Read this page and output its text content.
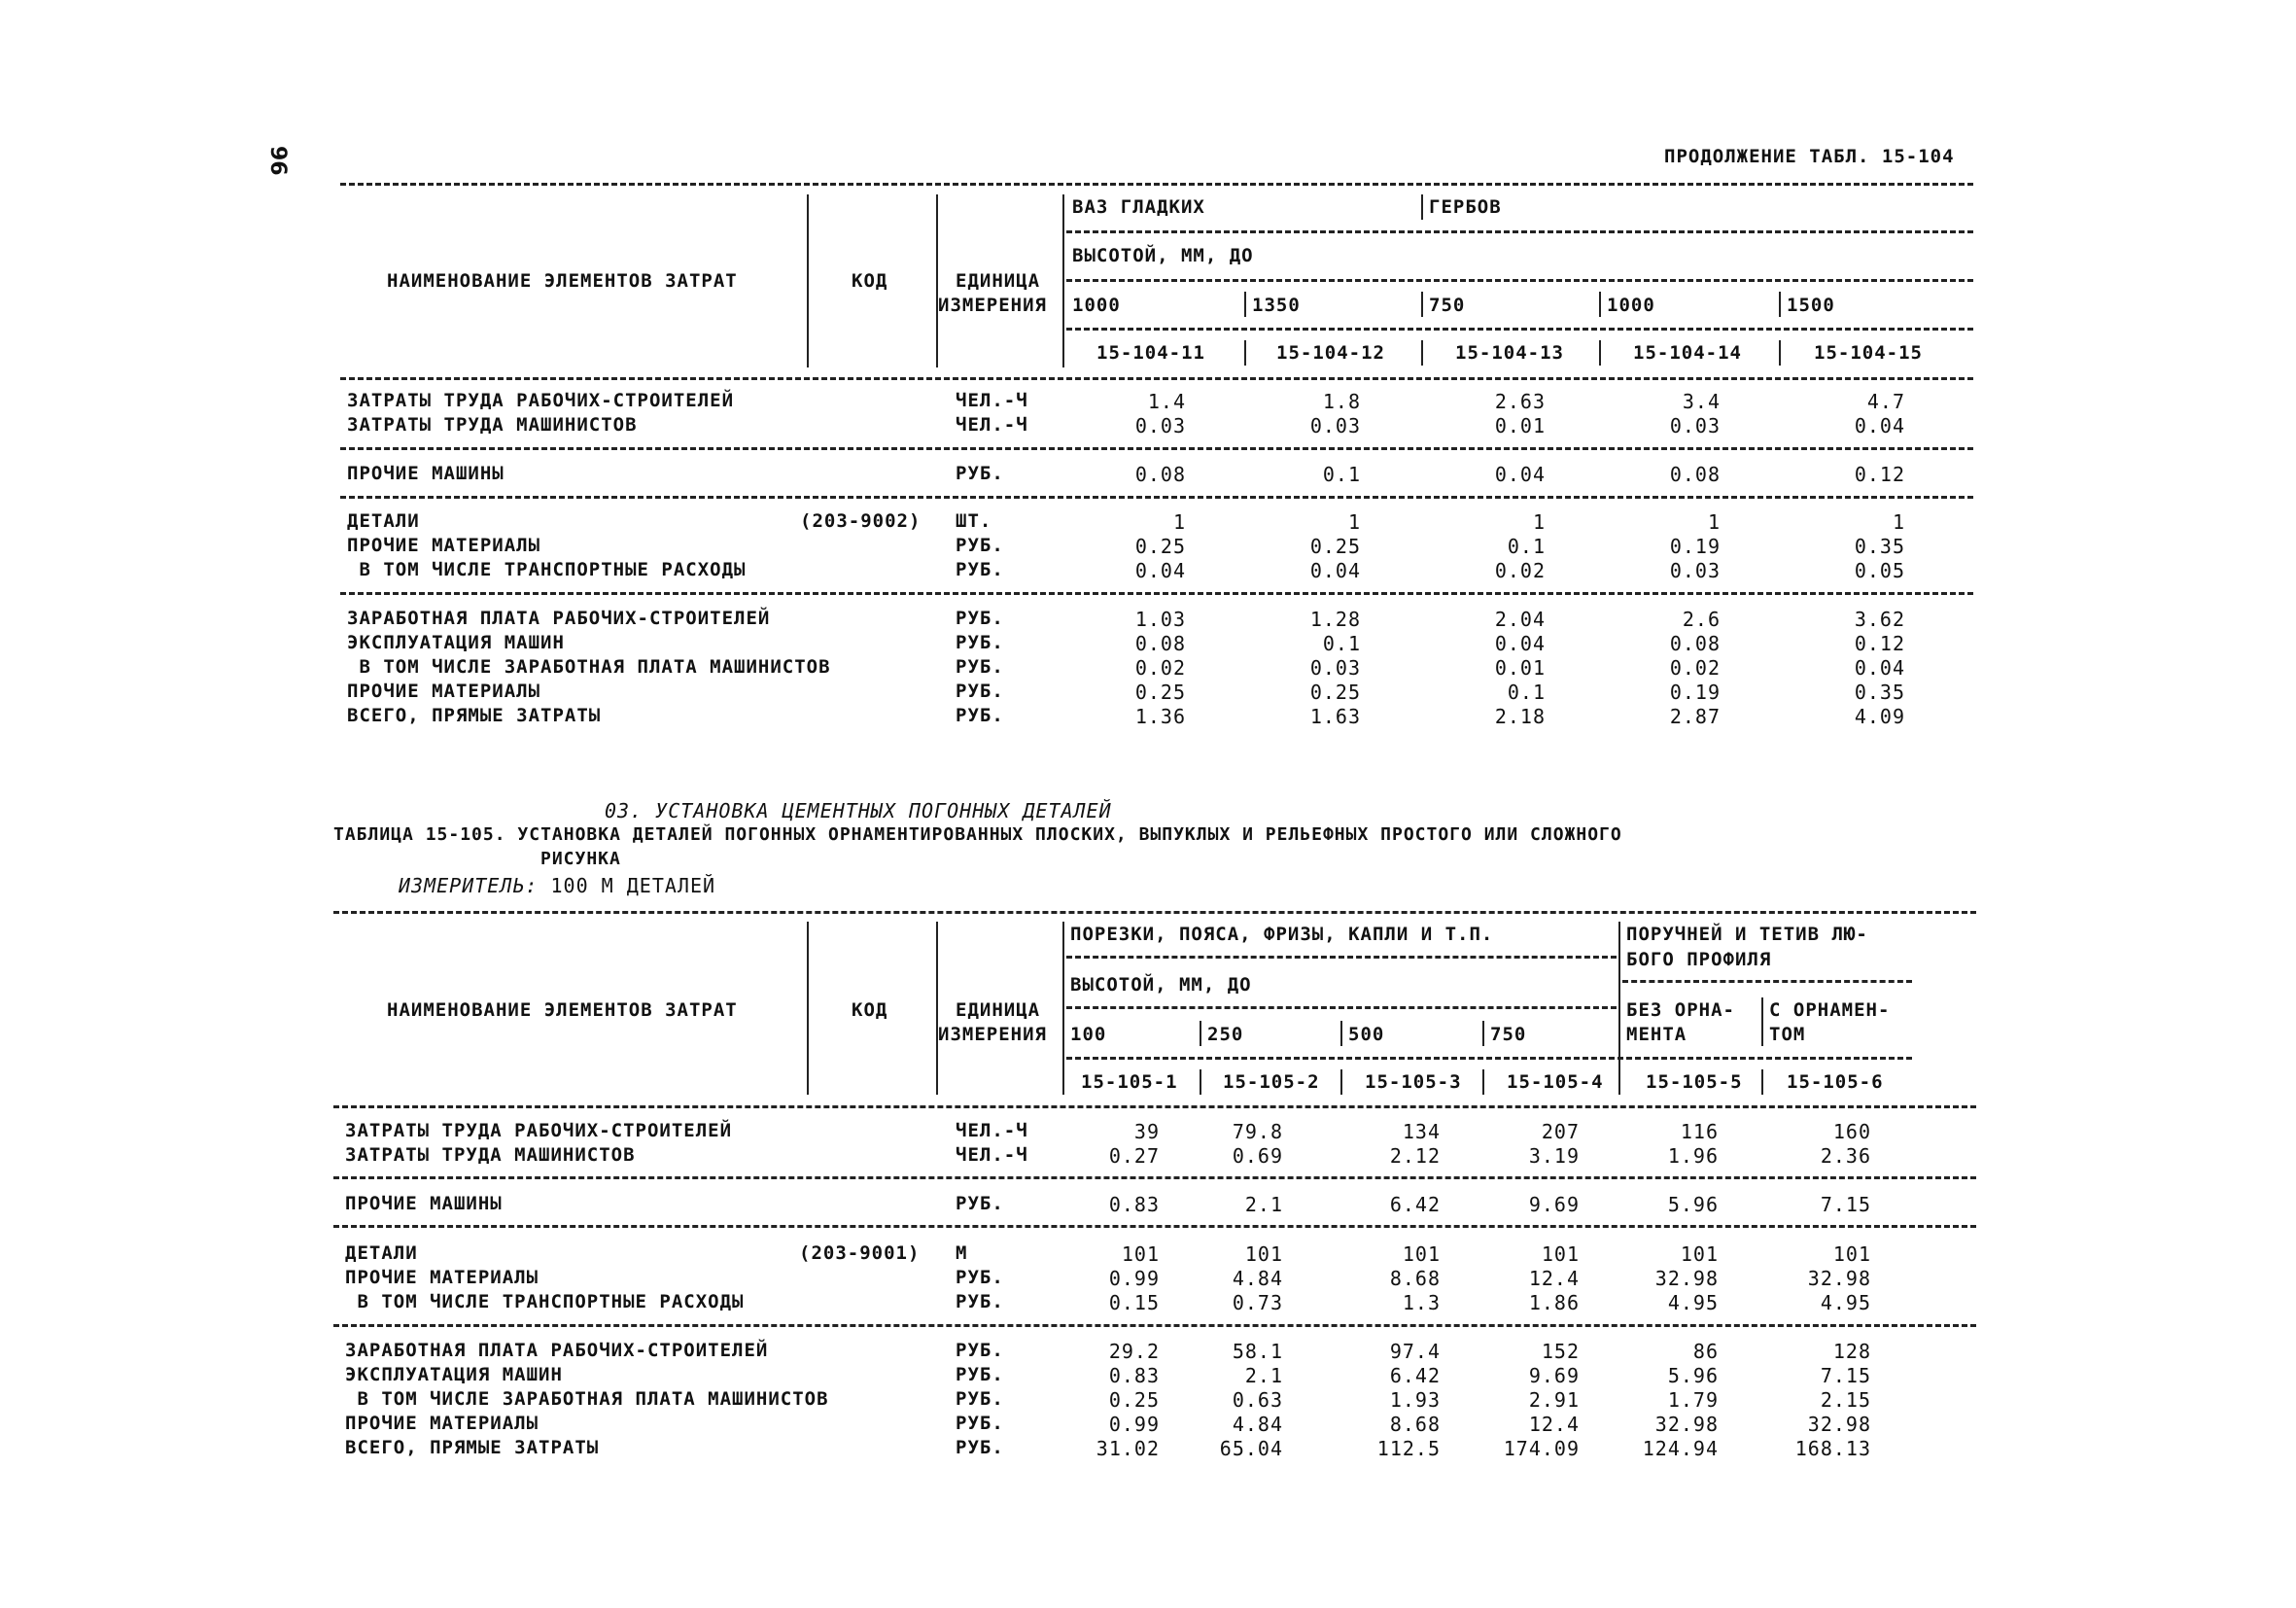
96	ПРОДОЛЖЕНИЕ ТАБЛ. 15-104
НАИМЕНОВАНИЕ ЭЛЕМЕНТОВ ЗАТРАТ	КОД	ЕДИНИЦА
ИЗМЕРЕНИЯ
ВАЗ ГЛАДКИХ	ГЕРБОВ
ВЫСОТОЙ, ММ, ДО
1000	1350	750	1000	1500
15-104-11	15-104-12	15-104-13	15-104-14	15-104-15
ЗАТРАТЫ ТРУДА РАБОЧИХ-СТРОИТЕЛЕЙ	ЧЕЛ.-Ч	1.4	1.8	2.63	3.4	4.7
ЗАТРАТЫ ТРУДА МАШИНИСТОВ	ЧЕЛ.-Ч	0.03	0.03	0.01	0.03	0.04
ПРОЧИЕ МАШИНЫ	РУБ.	0.08	0.1	0.04	0.08	0.12
ДЕТАЛИ	(203-9002) ШТ.	1	1	1	1	1
ПРОЧИЕ МАТЕРИАЛЫ	РУБ.	0.25	0.25	0.1	0.19	0.35
В ТОМ ЧИСЛЕ ТРАНСПОРТНЫЕ РАСХОДЫ	РУБ.	0.04	0.04	0.02	0.03	0.05
ЗАРАБОТНАЯ ПЛАТА РАБОЧИХ-СТРОИТЕЛЕЙ	РУБ.	1.03	1.28	2.04	2.6	3.62
ЭКСПЛУАТАЦИЯ МАШИН	РУБ.	0.08	0.1	0.04	0.08	0.12
В ТОМ ЧИСЛЕ ЗАРАБОТНАЯ ПЛАТА МАШИНИСТОВ	РУБ.	0.02	0.03	0.01	0.02	0.04
ПРОЧИЕ МАТЕРИАЛЫ	РУБ.	0.25	0.25	0.1	0.19	0.35
ВСЕГО, ПРЯМЫЕ ЗАТРАТЫ	РУБ.	1.36	1.63	2.18	2.87	4.09
03. УСТАНОВКА ЦЕМЕНТНЫХ ПОГОННЫХ ДЕТАЛЕЙ
ТАБЛИЦА 15-105. УСТАНОВКА ДЕТАЛЕЙ ПОГОННЫХ ОРНАМЕНТИРОВАННЫХ ПЛОСКИХ, ВЫПУКЛЫХ И РЕЛЬЕФНЫХ ПРОСТОГО ИЛИ СЛОЖНОГО
РИСУНКА
ИЗМЕРИТЕЛЬ: 100 М ДЕТАЛЕЙ
НАИМЕНОВАНИЕ ЭЛЕМЕНТОВ ЗАТРАТ	КОД	ЕДИНИЦА
ИЗМЕРЕНИЯ
ПОРЕЗКИ, ПОЯСА, ФРИЗЫ, КАПЛИ И Т.П.	ПОРУЧНЕЙ И ТЕТИВ ЛЮ-
БОГО ПРОФИЛЯ
ВЫСОТОЙ, ММ, ДО
БЕЗ ОРНА-
МЕНТА
С ОРНАМЕН-
ТОМ
100	250	500	750
15-105-1 15-105-2 15-105-3 15-105-4 15-105-5 15-105-6
ЗАТРАТЫ ТРУДА РАБОЧИХ-СТРОИТЕЛЕЙ	ЧЕЛ.-Ч	39	79.8	134	207	116	160
ЗАТРАТЫ ТРУДА МАШИНИСТОВ	ЧЕЛ.-Ч	0.27	0.69	2.12	3.19	1.96	2.36
ПРОЧИЕ МАШИНЫ	РУБ.	0.83	2.1	6.42	9.69	5.96	7.15
ДЕТАЛИ	(203-9001) М	101	101	101	101	101	101
ПРОЧИЕ МАТЕРИАЛЫ	РУБ.	0.99	4.84	8.68	12.4	32.98	32.98
В ТОМ ЧИСЛЕ ТРАНСПОРТНЫЕ РАСХОДЫ	РУБ.	0.15	0.73	1.3	1.86	4.95	4.95
ЗАРАБОТНАЯ ПЛАТА РАБОЧИХ-СТРОИТЕЛЕЙ	РУБ.	29.2	58.1	97.4	152	86	128
ЭКСПЛУАТАЦИЯ МАШИН	РУБ.	0.83	2.1	6.42	9.69	5.96	7.15
В ТОМ ЧИСЛЕ ЗАРАБОТНАЯ ПЛАТА МАШИНИСТОВ	РУБ.	0.25	0.63	1.93	2.91	1.79	2.15
ПРОЧИЕ МАТЕРИАЛЫ	РУБ.	0.99	4.84	8.68	12.4	32.98	32.98
ВСЕГО, ПРЯМЫЕ ЗАТРАТЫ	РУБ.	31.02	65.04	112.5	174.09	124.94	168.13
